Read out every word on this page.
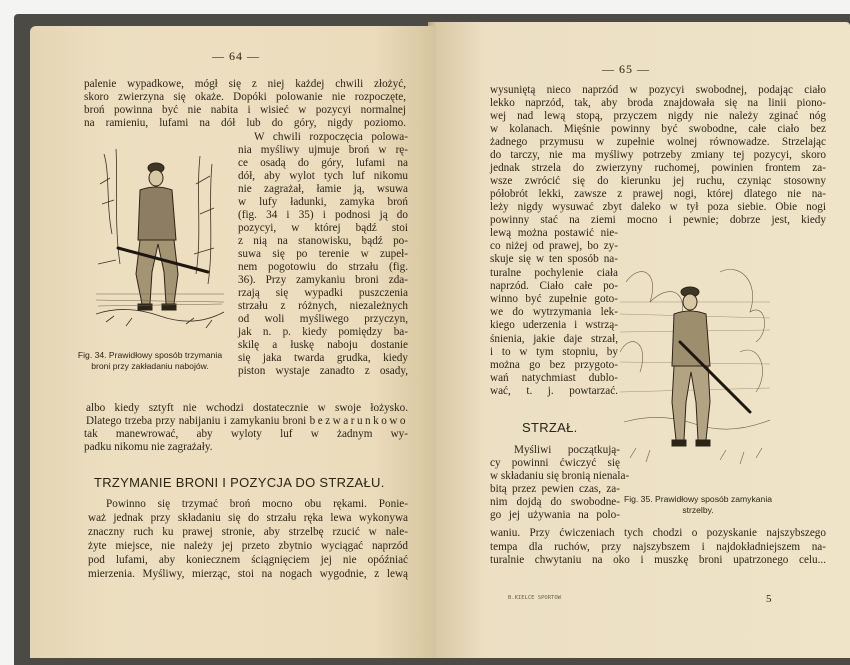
— 64 —
palenie wypadkowe, mógł się z niej każdej chwili złożyć,
skoro zwierzyna się okaże. Dopóki polowanie nie rozpoczęte,
broń powinna być nie nabita i wisieć w pozycyi normalnej
na ramieniu, lufami na dół lub do góry, nigdy poziomo.
W chwili rozpoczęcia polowa-
nia myśliwy ujmuje broń w rę-
ce osadą do góry, lufami na
dół, aby wylot tych luf nikomu
nie zagrażał, łamie ją, wsuwa
w lufy ładunki, zamyka broń
(fig. 34 i 35) i podnosi ją do
pozycyi, w której bądź stoi
z nią na stanowisku, bądź po-
suwa się po terenie w zupeł-
nem pogotowiu do strzału (fig.
36). Przy zamykaniu broni zda-
rzają się wypadki puszczenia
strzału z różnych, niezależnych
od woli myśliwego przyczyn,
jak n. p. kiedy pomiędzy ba-
skilę a łuskę naboju dostanie
się jaka twarda grudka, kiedy
piston wystaje zanadto z osady,
Fig. 34. Prawidłowy sposób trzymania
broni przy zakładaniu nabojów.
albo kiedy sztyft nie wchodzi dostatecznie w swoje łożysko.
Dlatego trzeba przy nabijaniu i zamykaniu broni bezwarunkowo
tak manewrować, aby wyloty luf w żadnym wy-
padku nikomu nie zagrażały.
TRZYMANIE BRONI I POZYCJA DO STRZAŁU.
Powinno się trzymać broń mocno obu rękami. Ponie-
waż jednak przy składaniu się do strzału ręka lewa wykonywa
znaczny ruch ku prawej stronie, aby strzelbę rzucić w nale-
żyte miejsce, nie należy jej przeto zbytnio wyciągać naprzód
pod lufami, aby koniecznem ściągnięciem jej nie opóźniać
mierzenia. Myśliwy, mierząc, stoi na nogach wygodnie, z lewą
— 65 —
wysuniętą nieco naprzód w pozycyi swobodnej, podając ciało
lekko naprzód, tak, aby broda znajdowała się na linii piono-
wej nad lewą stopą, przyczem nigdy nie należy zginać nóg
w kolanach. Mięśnie powinny być swobodne, całe ciało bez
żadnego przymusu w zupełnie wolnej równowadze. Strzelając
do tarczy, nie ma myśliwy potrzeby zmiany tej pozycyi, skoro
jednak strzela do zwierzyny ruchomej, powinien frontem za-
wsze zwrócić się do kierunku jej ruchu, czyniąc stosowny
półobrót lekki, zawsze z prawej nogi, której dlatego nie na-
leży nigdy wysuwać zbyt daleko w tył poza siebie. Obie nogi
powinny stać na ziemi mocno i pewnie; dobrze jest, kiedy
lewą można postawić nie-
co niżej od prawej, bo zy-
skuje się w ten sposób na-
turalne pochylenie ciała
naprzód. Ciało całe po-
winno być zupełnie goto-
we do wytrzymania lek-
kiego uderzenia i wstrzą-
śnienia, jakie daje strzał,
i to w tym stopniu, by
można go bez przygoto-
wań natychmiast dublo-
wać, t. j. powtarzać.
STRZAŁ.
Myśliwi początkują-
cy powinni ćwiczyć się
w składaniu się bronią nienala-
bitą przez pewien czas, za-
nim dojdą do swobodne-
go jej używania na polo-
Fig. 35. Prawidłowy sposób zamykania
strzelby.
waniu. Przy ćwiczeniach tych chodzi o pozyskanie najszybszego
tempa dla ruchów, przy najszybszem i najdokładniejszem na-
turalnie chwytaniu na oko i muszkę broni upatrzonego celu...
B.KIELCE SPORTOW	5
